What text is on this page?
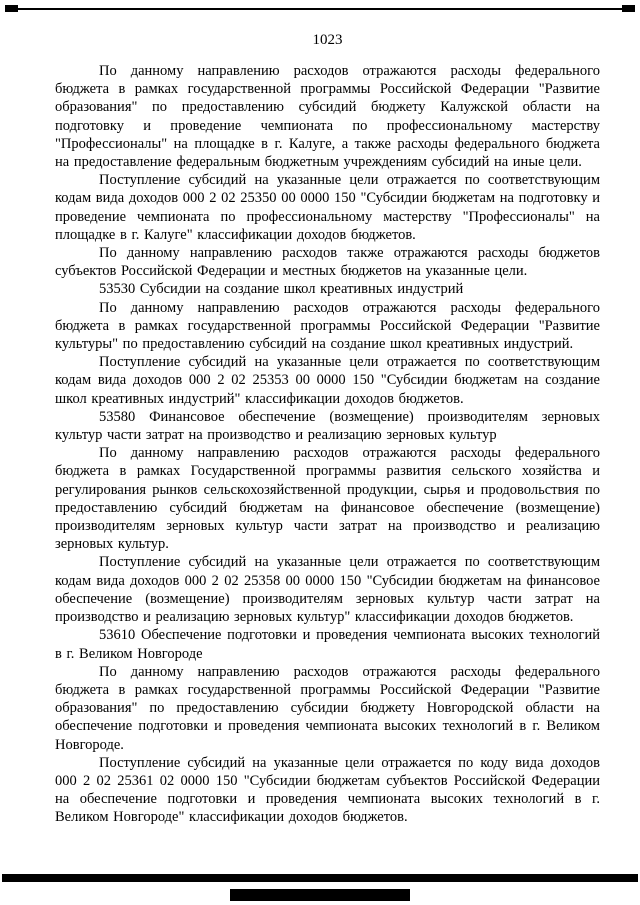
1023

По данному направлению расходов отражаются расходы федерального бюджета в рамках государственной программы Российской Федерации "Развитие образования" по предоставлению субсидий бюджету Калужской области на подготовку и проведение чемпионата по профессиональному мастерству "Профессионалы" на площадке в г. Калуге, а также расходы федерального бюджета на предоставление федеральным бюджетным учреждениям субсидий на иные цели.

Поступление субсидий на указанные цели отражается по соответствующим кодам вида доходов 000 2 02 25350 00 0000 150 "Субсидии бюджетам на подготовку и проведение чемпионата по профессиональному мастерству "Профессионалы" на площадке в г. Калуге" классификации доходов бюджетов.

По данному направлению расходов также отражаются расходы бюджетов субъектов Российской Федерации и местных бюджетов на указанные цели.

53530 Субсидии на создание школ креативных индустрий

По данному направлению расходов отражаются расходы федерального бюджета в рамках государственной программы Российской Федерации "Развитие культуры" по предоставлению субсидий на создание школ креативных индустрий.

Поступление субсидий на указанные цели отражается по соответствующим кодам вида доходов 000 2 02 25353 00 0000 150 "Субсидии бюджетам на создание школ креативных индустрий" классификации доходов бюджетов.

53580 Финансовое обеспечение (возмещение) производителям зерновых культур части затрат на производство и реализацию зерновых культур

По данному направлению расходов отражаются расходы федерального бюджета в рамках Государственной программы развития сельского хозяйства и регулирования рынков сельскохозяйственной продукции, сырья и продовольствия по предоставлению субсидий бюджетам на финансовое обеспечение (возмещение) производителям зерновых культур части затрат на производство и реализацию зерновых культур.

Поступление субсидий на указанные цели отражается по соответствующим кодам вида доходов 000 2 02 25358 00 0000 150 "Субсидии бюджетам на финансовое обеспечение (возмещение) производителям зерновых культур части затрат на производство и реализацию зерновых культур" классификации доходов бюджетов.

53610 Обеспечение подготовки и проведения чемпионата высоких технологий в г. Великом Новгороде

По данному направлению расходов отражаются расходы федерального бюджета в рамках государственной программы Российской Федерации "Развитие образования" по предоставлению субсидии бюджету Новгородской области на обеспечение подготовки и проведения чемпионата высоких технологий в г. Великом Новгороде.

Поступление субсидий на указанные цели отражается по коду вида доходов 000 2 02 25361 02 0000 150 "Субсидии бюджетам субъектов Российской Федерации на обеспечение подготовки и проведения чемпионата высоких технологий в г. Великом Новгороде" классификации доходов бюджетов.
